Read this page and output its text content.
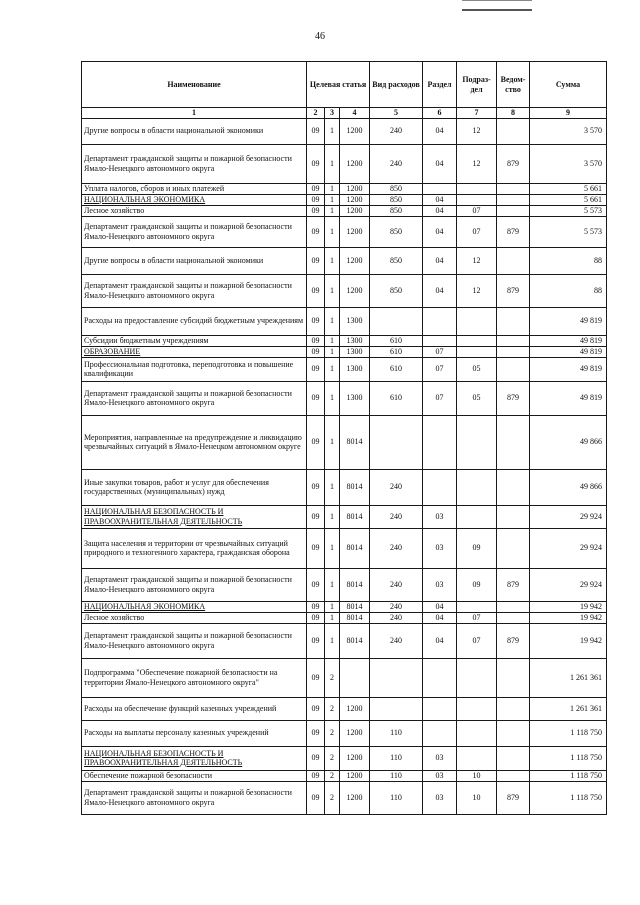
46
Наименование	Целевая статья			Вид расходов	Раздел	Подраз-дел	Ведом-ство	Сумма
1	2	3	4	5	6	7	8	9
Другие вопросы в области национальной экономики	09	1	1200	240	04	12		3 570
Департамент гражданской защиты и пожарной безопасности Ямало-Ненецкого автономного округа	09	1	1200	240	04	12	879	3 570
Уплата налогов, сборов и иных платежей	09	1	1200	850				5 661
НАЦИОНАЛЬНАЯ ЭКОНОМИКА	09	1	1200	850	04			5 661
Лесное хозяйство	09	1	1200	850	04	07		5 573
Департамент гражданской защиты и пожарной безопасности Ямало-Ненецкого автономного округа	09	1	1200	850	04	07	879	5 573
Другие вопросы в области национальной экономики	09	1	1200	850	04	12		88
Департамент гражданской защиты и пожарной безопасности Ямало-Ненецкого автономного округа	09	1	1200	850	04	12	879	88
Расходы на предоставление субсидий бюджетным учреждениям	09	1	1300					49 819
Субсидии бюджетным учреждениям	09	1	1300	610				49 819
ОБРАЗОВАНИЕ	09	1	1300	610	07			49 819
Профессиональная подготовка, переподготовка и повышение квалификации	09	1	1300	610	07	05		49 819
Департамент гражданской защиты и пожарной безопасности Ямало-Ненецкого автономного округа	09	1	1300	610	07	05	879	49 819
Мероприятия, направленные на предупреждение и ликвидацию чрезвычайных ситуаций в Ямало-Ненецком автономном округе	09	1	8014					49 866
Иные закупки товаров, работ и услуг для обеспечения государственных (муниципальных) нужд	09	1	8014	240				49 866
НАЦИОНАЛЬНАЯ БЕЗОПАСНОСТЬ И ПРАВООХРАНИТЕЛЬНАЯ ДЕЯТЕЛЬНОСТЬ	09	1	8014	240	03			29 924
Защита населения и территории от чрезвычайных ситуаций природного и техногенного характера, гражданская оборона	09	1	8014	240	03	09		29 924
Департамент гражданской защиты и пожарной безопасности Ямало-Ненецкого автономного округа	09	1	8014	240	03	09	879	29 924
НАЦИОНАЛЬНАЯ ЭКОНОМИКА	09	1	8014	240	04			19 942
Лесное хозяйство	09	1	8014	240	04	07		19 942
Департамент гражданской защиты и пожарной безопасности Ямало-Ненецкого автономного округа	09	1	8014	240	04	07	879	19 942
Подпрограмма "Обеспечение пожарной безопасности на территории Ямало-Ненецкого автономного округа"	09	2						1 261 361
Расходы на обеспечение функций казенных учреждений	09	2	1200					1 261 361
Расходы на выплаты персоналу казенных учреждений	09	2	1200	110				1 118 750
НАЦИОНАЛЬНАЯ БЕЗОПАСНОСТЬ И ПРАВООХРАНИТЕЛЬНАЯ ДЕЯТЕЛЬНОСТЬ	09	2	1200	110	03			1 118 750
Обеспечение пожарной безопасности	09	2	1200	110	03	10		1 118 750
Департамент гражданской защиты и пожарной безопасности Ямало-Ненецкого автономного округа	09	2	1200	110	03	10	879	1 118 750
